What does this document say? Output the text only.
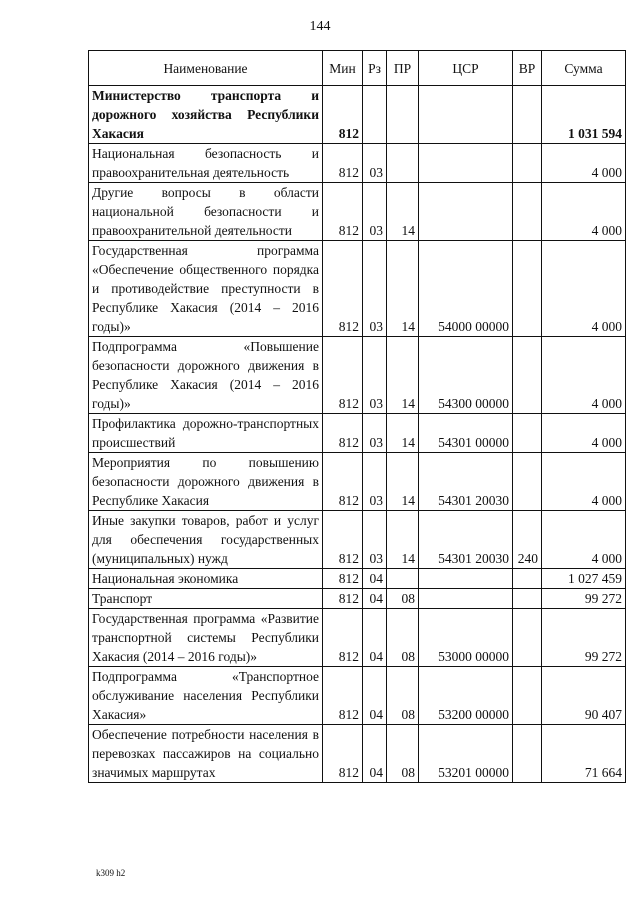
144
Наименование	Мин	Рз	ПР	ЦСР	ВР	Сумма
Министерство транспорта и дорожного хозяйства Республики Хакасия	812					1 031 594
Национальная безопасность и правоохранительная деятельность	812	03				4 000
Другие вопросы в области национальной безопасности и правоохранительной деятельности	812	03	14			4 000
Государственная программа «Обеспечение общественного порядка и противодействие преступности в Республике Хакасия (2014 – 2016 годы)»	812	03	14	54000 00000		4 000
Подпрограмма «Повышение безопасности дорожного движения в Республике Хакасия (2014 – 2016 годы)»	812	03	14	54300 00000		4 000
Профилактика дорожно-транспортных происшествий	812	03	14	54301 00000		4 000
Мероприятия по повышению безопасности дорожного движения в Республике Хакасия	812	03	14	54301 20030		4 000
Иные закупки товаров, работ и услуг для обеспечения государственных (муниципальных) нужд	812	03	14	54301 20030	240	4 000
Национальная экономика	812	04				1 027 459
Транспорт	812	04	08			99 272
Государственная программа «Развитие транспортной системы Республики Хакасия (2014 – 2016 годы)»	812	04	08	53000 00000		99 272
Подпрограмма «Транспортное обслуживание населения Республики Хакасия»	812	04	08	53200 00000		90 407
Обеспечение потребности населения в перевозках пассажиров на социально значимых маршрутах	812	04	08	53201 00000		71 664
k309 h2
